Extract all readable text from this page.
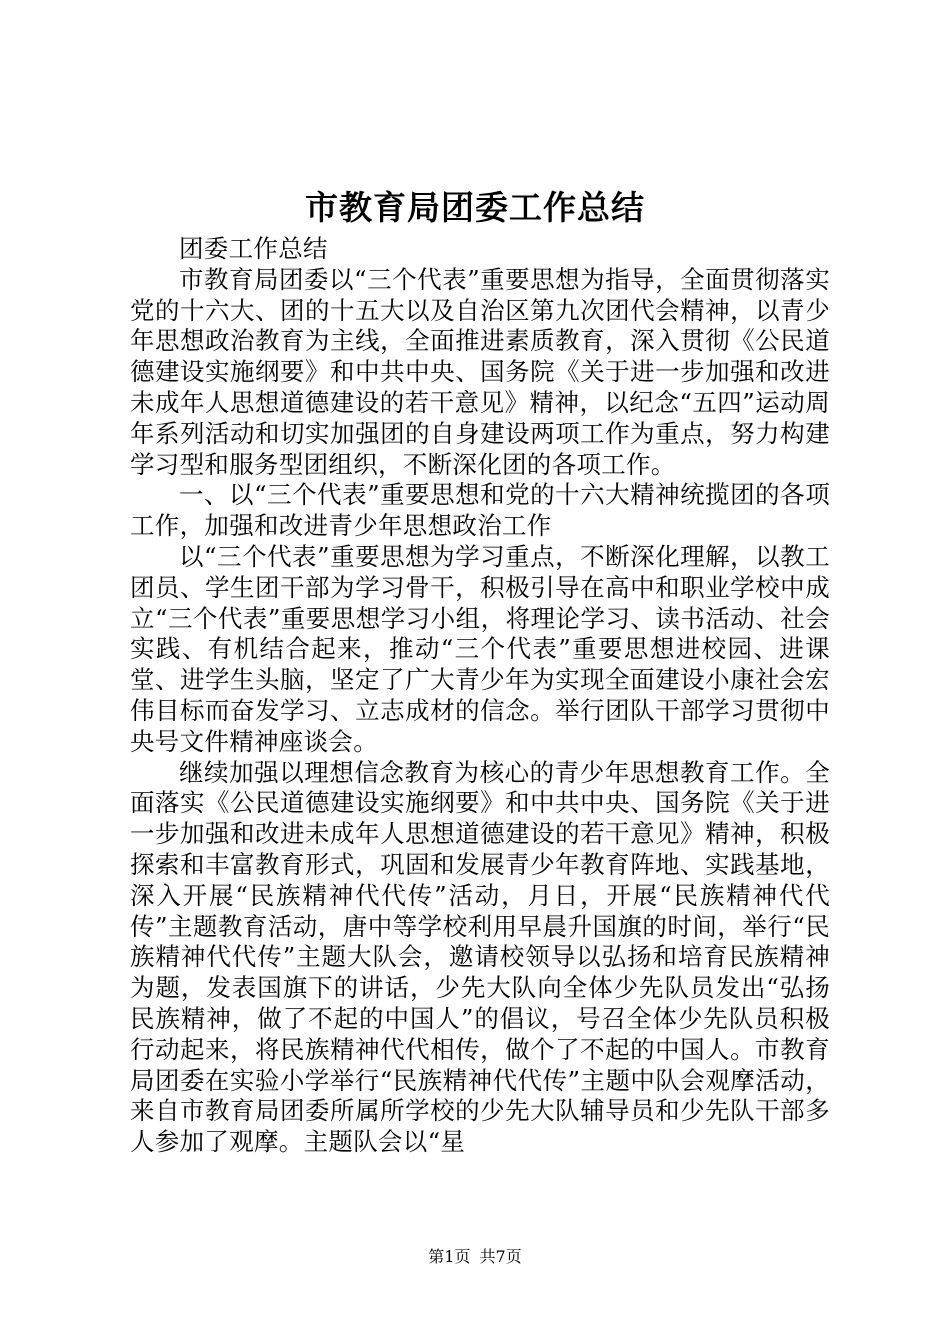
市教育局团委工作总结

团委工作总结

市教育局团委以“三个代表”重要思想为指导，全面贯彻落实党的十六大、团的十五大以及自治区第九次团代会精神，以青少年思想政治教育为主线，全面推进素质教育，深入贯彻《公民道德建设实施纲要》和中共中央、国务院《关于进一步加强和改进未成年人思想道德建设的若干意见》精神，以纪念“五四”运动周年系列活动和切实加强团的自身建设两项工作为重点，努力构建学习型和服务型团组织，不断深化团的各项工作。

一、以“三个代表”重要思想和党的十六大精神统揽团的各项工作，加强和改进青少年思想政治工作

以“三个代表”重要思想为学习重点，不断深化理解，以教工团员、学生团干部为学习骨干，积极引导在高中和职业学校中成立“三个代表”重要思想学习小组，将理论学习、读书活动、社会实践、有机结合起来，推动“三个代表”重要思想进校园、进课堂、进学生头脑，坚定了广大青少年为实现全面建设小康社会宏伟目标而奋发学习、立志成材的信念。举行团队干部学习贯彻中央号文件精神座谈会。

继续加强以理想信念教育为核心的青少年思想教育工作。全面落实《公民道德建设实施纲要》和中共中央、国务院《关于进一步加强和改进未成年人思想道德建设的若干意见》精神，积极探索和丰富教育形式，巩固和发展青少年教育阵地、实践基地，深入开展“民族精神代代传”活动，月日，开展“民族精神代代传”主题教育活动，唐中等学校利用早晨升国旗的时间，举行“民族精神代代传”主题大队会，邀请校领导以弘扬和培育民族精神为题，发表国旗下的讲话，少先大队向全体少先队员发出“弘扬民族精神，做了不起的中国人”的倡议，号召全体少先队员积极行动起来，将民族精神代代相传，做个了不起的中国人。市教育局团委在实验小学举行“民族精神代代传”主题中队会观摩活动，来自市教育局团委所属所学校的少先大队辅导员和少先队干部多人参加了观摩。主题队会以“星

第1页 共7页
